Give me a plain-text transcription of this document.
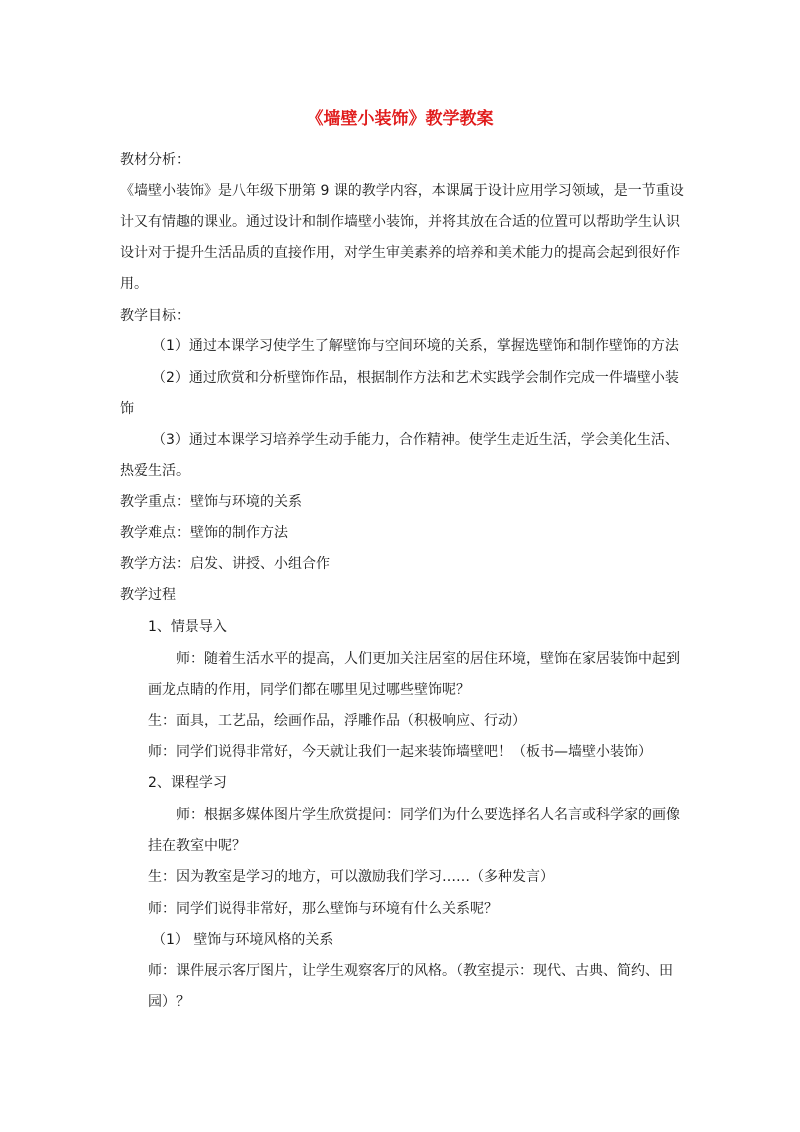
《墙壁小装饰》教学教案
教材分析：
《墙壁小装饰》是八年级下册第 9 课的教学内容，本课属于设计应用学习领域，是一节重设
计又有情趣的课业。通过设计和制作墙壁小装饰，并将其放在合适的位置可以帮助学生认识
设计对于提升生活品质的直接作用，对学生审美素养的培养和美术能力的提高会起到很好作
用。
教学目标：
（1）通过本课学习使学生了解壁饰与空间环境的关系，掌握选壁饰和制作壁饰的方法
（2）通过欣赏和分析壁饰作品，根据制作方法和艺术实践学会制作完成一件墙壁小装
饰
（3）通过本课学习培养学生动手能力，合作精神。使学生走近生活，学会美化生活、
热爱生活。
教学重点：壁饰与环境的关系
教学难点：壁饰的制作方法
教学方法：启发、讲授、小组合作
教学过程
1、情景导入
师：随着生活水平的提高，人们更加关注居室的居住环境，壁饰在家居装饰中起到
画龙点睛的作用，同学们都在哪里见过哪些壁饰呢？
生：面具，工艺品，绘画作品，浮雕作品（积极响应、行动）
师：同学们说得非常好，今天就让我们一起来装饰墙壁吧！（板书—墙壁小装饰）
2、课程学习
师：根据多媒体图片学生欣赏提问：同学们为什么要选择名人名言或科学家的画像
挂在教室中呢？
生：因为教室是学习的地方，可以激励我们学习……（多种发言）
师：同学们说得非常好，那么壁饰与环境有什么关系呢？
（1） 壁饰与环境风格的关系
师：课件展示客厅图片，让学生观察客厅的风格。（教室提示：现代、古典、简约、田
园）？
